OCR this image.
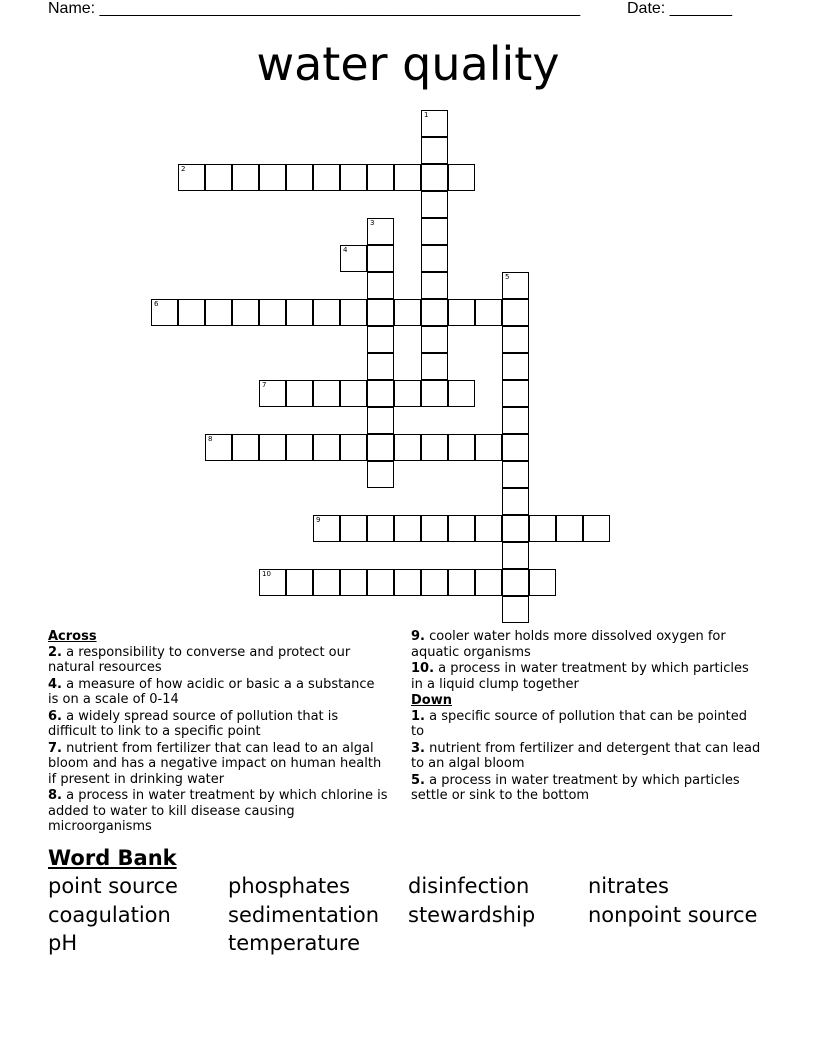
Name: ______________________________________________________	Date: _______
water quality
1
2
3
4
5
6
7
8
9
10
Across
2. a responsibility to converse and protect our natural resources
4. a measure of how acidic or basic a a substance is on a scale of 0-14
6. a widely spread source of pollution that is difficult to link to a specific point
7. nutrient from fertilizer that can lead to an algal bloom and has a negative impact on human health if present in drinking water
8. a process in water treatment by which chlorine is added to water to kill disease causing microorganisms
9. cooler water holds more dissolved oxygen for aquatic organisms
10. a process in water treatment by which particles in a liquid clump together
Down
1. a specific source of pollution that can be pointed to
3. nutrient from fertilizer and detergent that can lead to an algal bloom
5. a process in water treatment by which particles settle or sink to the bottom
Word Bank
point source	phosphates	disinfection	nitrates
coagulation	sedimentation	stewardship	nonpoint source
pH	temperature
